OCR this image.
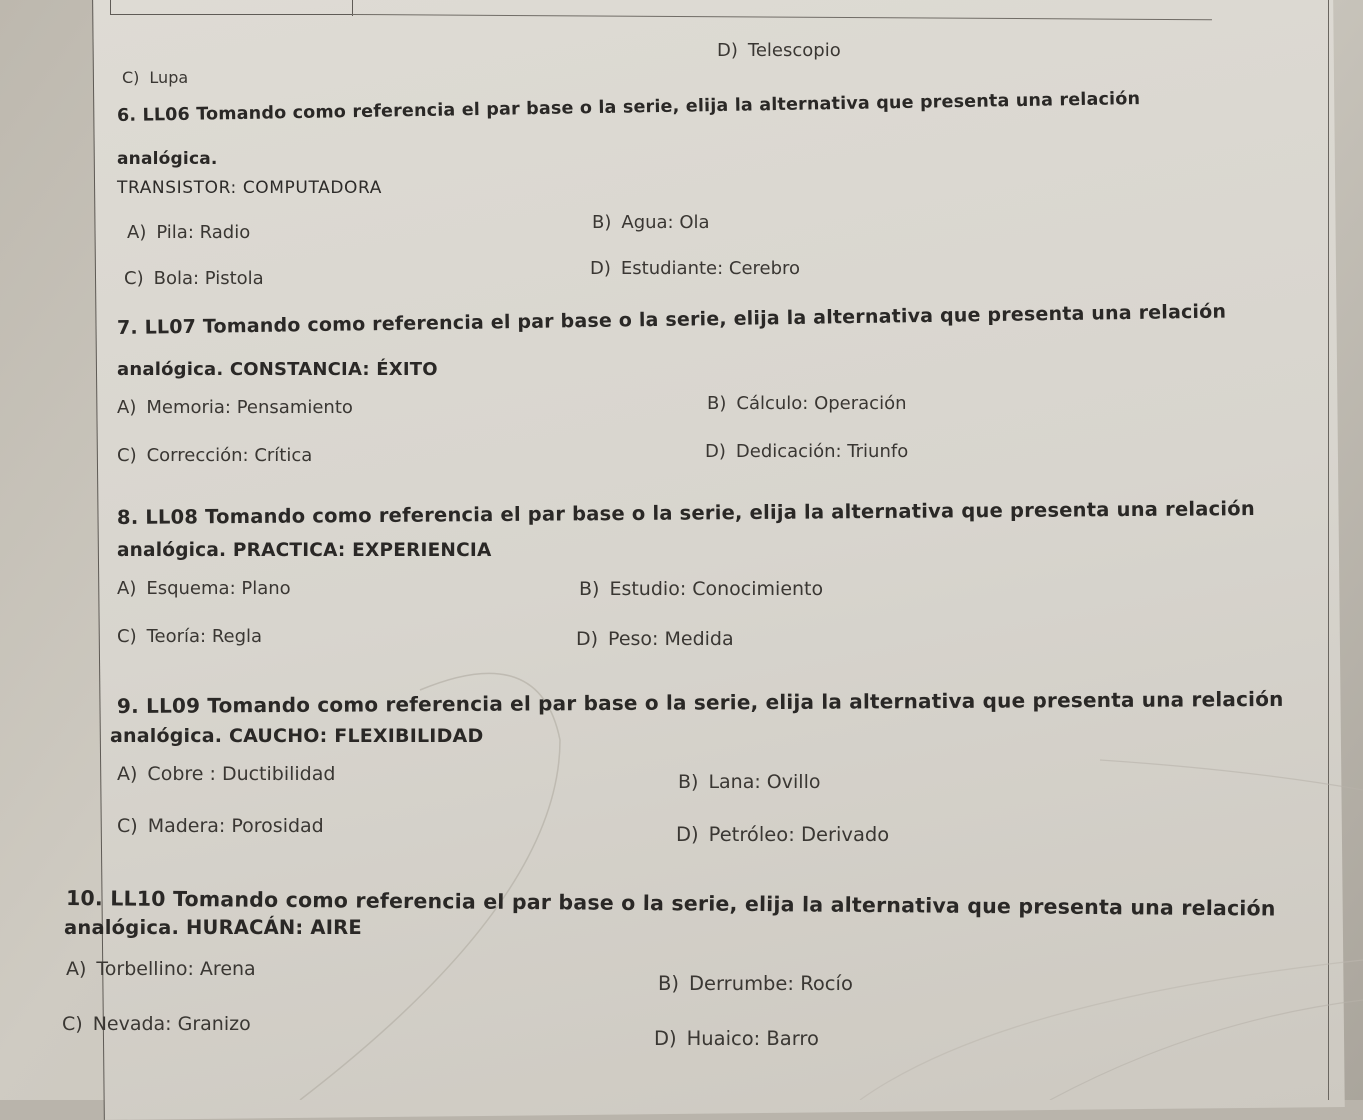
C) Lupa
D) Telescopio
6. LL06 Tomando como referencia el par base o la serie, elija la alternativa que presenta una relación
analógica.
TRANSISTOR: COMPUTADORA
A) Pila: Radio	B) Agua: Ola
C) Bola: Pistola	D) Estudiante: Cerebro
7. LL07 Tomando como referencia el par base o la serie, elija la alternativa que presenta una relación
analógica. CONSTANCIA: ÉXITO
A) Memoria: Pensamiento	B) Cálculo: Operación
C) Corrección: Crítica	D) Dedicación: Triunfo
8. LL08 Tomando como referencia el par base o la serie, elija la alternativa que presenta una relación
analógica. PRACTICA: EXPERIENCIA
A) Esquema: Plano	B) Estudio: Conocimiento
C) Teoría: Regla	D) Peso: Medida
9. LL09 Tomando como referencia el par base o la serie, elija la alternativa que presenta una relación
analógica. CAUCHO: FLEXIBILIDAD
A) Cobre : Ductibilidad	B) Lana: Ovillo
C) Madera: Porosidad	D) Petróleo: Derivado
10. LL10 Tomando como referencia el par base o la serie, elija la alternativa que presenta una relación
analógica. HURACÁN: AIRE
A) Torbellino: Arena
B) Derrumbe: Rocío
C) Nevada: Granizo
D) Huaico: Barro
